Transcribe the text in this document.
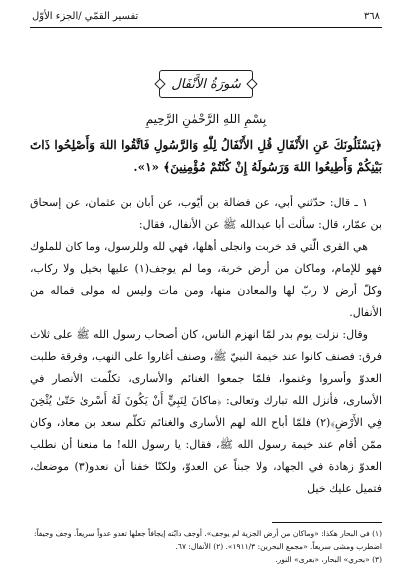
٣٦٨
تفسير القمّي /الجزء الأوّل
سُورَةُ الأَنْفَال
بِسْمِ اللهِ الرَّحْمٰنِ الرَّحِيمِ
﴿يَسْئَلُونَكَ عَنِ الأَنْفَالِ قُلِ الأَنْفَالُ لِلّٰهِ وَالرَّسُولِ فَاتَّقُوا اللهَ وَأَصْلِحُوا ذَاتَ بَيْنِكُمْ وَأَطِيعُوا اللهَ وَرَسُولَهُ إِنْ كُنْتُمْ مُؤْمِنِينَ﴾ «١».

١ ـ قال: حدّثني أبي، عن فضالة بن أيّوب، عن أبان بن عثمان، عن إسحاق بن عمّار، قال: سألت أبا عبدالله ﷺ عن الأنفال، فقال:

هي القرى الّتي قد خربت وانجلى أهلها، فهي لله وللرسول، وما كان للملوك فهو للإمام، وماكان من أرض خربة، وما لم يوجف(١) عليها بخيل ولا ركاب، وكلّ أرض لا ربّ لها والمعادن منها، ومن مات وليس له مولى فماله من الأنفال.

وقال: نزلت يوم بدر لمّا انهزم الناس، كان أصحاب رسول الله ﷺ على ثلاث فرق: فصنف كانوا عند خيمة النبيّ ﷺ، وصنف أغاروا على النهب، وفرقة طلبت العدوّ وأسروا وغنموا، فلمّا جمعوا الغنائم والأسارى، تكلّمت الأنصار في الأسارى، فأنزل الله تبارك وتعالى: ﴿ماكانَ لِنَبِيٍّ أَنْ يَكُونَ لَهُ أَسْرىٰ حَتّىٰ يُثْخِنَ فِي الأَرْضِ﴾(٢) فلمّا أباح الله لهم الأسارى والغنائم تكلّم سعد بن معاذ، وكان ممّن أقام عند خيمة رسول الله ﷺ، فقال: يا رسول الله! ما منعنا أن نطلب العدوّ زهادة في الجهاد، ولا جبناً عن العدوّ، ولكنّا خفنا أن نعدو(٣) موضعك، فتميل عليك خيل

(١) في البحار هكذا: «وماكان من أرض الجزية لم يوجف». أوجف دابّته إيجافاً جعلها تعدو عدواً سريعاً. وجف وجيفاً: اضطرب ومشى سريعاً. «مجمع البحرين: ١٩١١/٣». (٢) الأنفال: ٦٧.

(٣) «بحري» البحار، «بعرى» النور.
